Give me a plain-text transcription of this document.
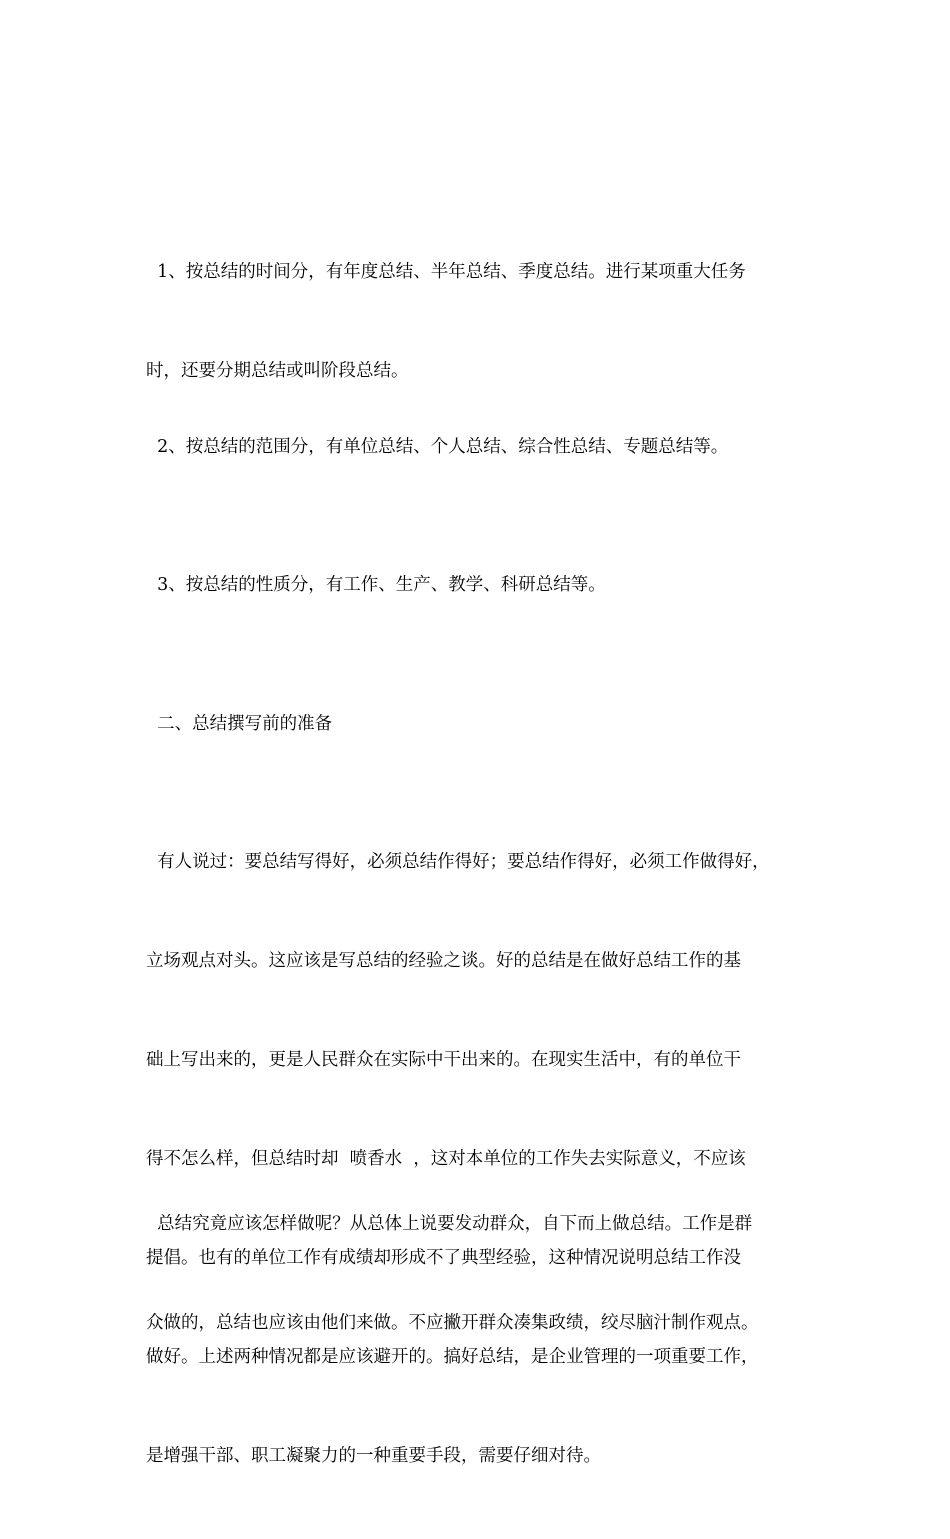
1、按总结的时间分，有年度总结、半年总结、季度总结。进行某项重大任务

时，还要分期总结或叫阶段总结。

2、按总结的范围分，有单位总结、个人总结、综合性总结、专题总结等。

3、按总结的性质分，有工作、生产、教学、科研总结等。

二、总结撰写前的准备

有人说过：要总结写得好，必须总结作得好；要总结作得好，必须工作做得好，

立场观点对头。这应该是写总结的经验之谈。好的总结是在做好总结工作的基

础上写出来的，更是人民群众在实际中干出来的。在现实生活中，有的单位干

得不怎么样，但总结时却  喷香水  ，这对本单位的工作失去实际意义，不应该

提倡。也有的单位工作有成绩却形成不了典型经验，这种情况说明总结工作没

做好。上述两种情况都是应该避开的。搞好总结，是企业管理的一项重要工作，

是增强干部、职工凝聚力的一种重要手段，需要仔细对待。

总结究竟应该怎样做呢？从总体上说要发动群众，自下而上做总结。工作是群

众做的，总结也应该由他们来做。不应撇开群众凑集政绩，绞尽脑汁制作观点。
